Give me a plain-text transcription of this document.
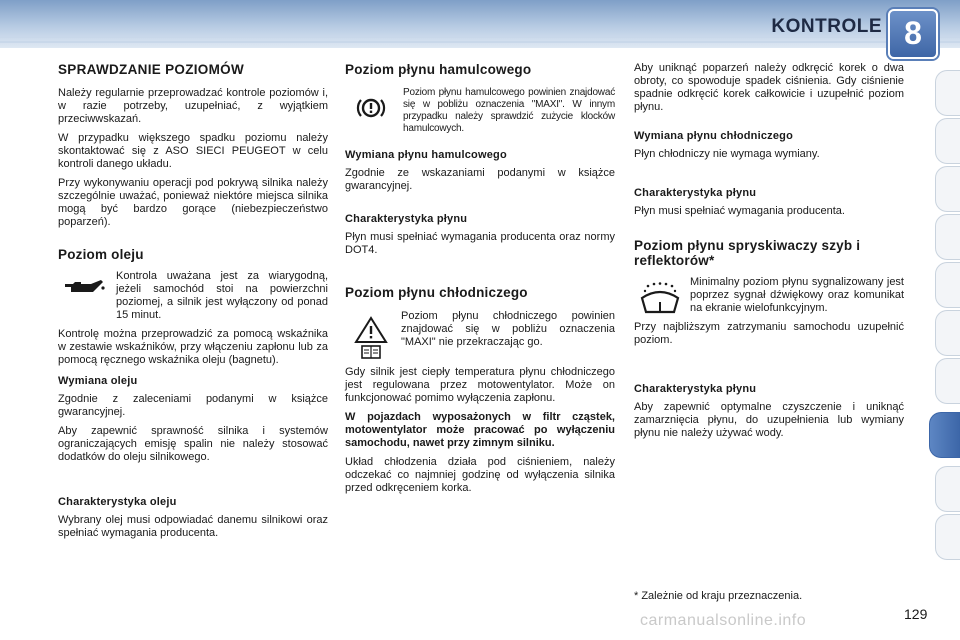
KONTROLE 8
SPRAWDZANIE POZIOMÓW

Należy regularnie przeprowadzać kontrole poziomów i, w razie potrzeby, uzupełniać, z wyjątkiem przeciwwskazań.

W przypadku większego spadku poziomu należy skontaktować się z ASO SIECI PEUGEOT w celu kontroli danego układu.

Przy wykonywaniu operacji pod pokrywą silnika należy szczególnie uważać, ponieważ niektóre miejsca silnika mogą być bardzo gorące (niebezpieczeństwo poparzeń).

Poziom oleju

Kontrola uważana jest za wiarygodną, jeżeli samochód stoi na powierzchni poziomej, a silnik jest wyłączony od ponad 15 minut.

Kontrolę można przeprowadzić za pomocą wskaźnika w zestawie wskaźników, przy włączeniu zapłonu lub za pomocą ręcznego wskaźnika oleju (bagnetu).

Wymiana oleju

Zgodnie z zaleceniami podanymi w książce gwarancyjnej.

Aby zapewnić sprawność silnika i systemów ograniczających emisję spalin nie należy stosować dodatków do oleju silnikowego.

Charakterystyka oleju

Wybrany olej musi odpowiadać danemu silnikowi oraz spełniać wymagania producenta.

Poziom płynu hamulcowego

Poziom płynu hamulcowego powinien znajdować się w pobliżu oznaczenia "MAXI". W innym przypadku należy sprawdzić zużycie klocków hamulcowych.

Wymiana płynu hamulcowego

Zgodnie ze wskazaniami podanymi w książce gwarancyjnej.

Charakterystyka płynu

Płyn musi spełniać wymagania producenta oraz normy DOT4.

Poziom płynu chłodniczego

Poziom płynu chłodniczego powinien znajdować się w pobliżu oznaczenia "MAXI" nie przekraczając go.

Gdy silnik jest ciepły temperatura płynu chłodniczego jest regulowana przez motowentylator. Może on funkcjonować pomimo wyłączenia zapłonu.

W pojazdach wyposażonych w filtr cząstek, motowentylator może pracować po wyłączeniu samochodu, nawet przy zimnym silniku.

Układ chłodzenia działa pod ciśnieniem, należy odczekać co najmniej godzinę od wyłączenia silnika przed odkręceniem korka.

Aby uniknąć poparzeń należy odkręcić korek o dwa obroty, co spowoduje spadek ciśnienia. Gdy ciśnienie spadnie odkręcić korek całkowicie i uzupełnić poziom płynu.

Wymiana płynu chłodniczego

Płyn chłodniczy nie wymaga wymiany.

Charakterystyka płynu

Płyn musi spełniać wymagania producenta.

Poziom płynu spryskiwaczy szyb i reflektorów*

Minimalny poziom płynu sygnalizowany jest poprzez sygnał dźwiękowy oraz komunikat na ekranie wielofunkcyjnym.

Przy najbliższym zatrzymaniu samochodu uzupełnić poziom.

Charakterystyka płynu

Aby zapewnić optymalne czyszczenie i uniknąć zamarznięcia płynu, do uzupełnienia lub wymiany płynu nie należy używać wody.

* Zależnie od kraju przeznaczenia.
carmanualsonline.info	129
